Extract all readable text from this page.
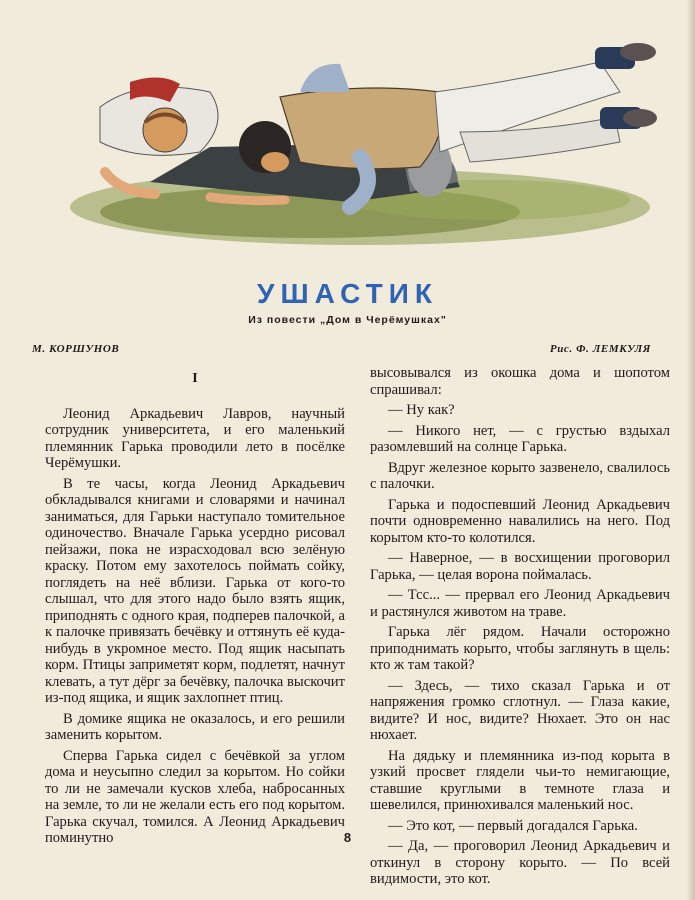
УШАСТИК
Из повести „Дом в Черёмушках"
М. КОРШУНОВ	Рис. Ф. ЛЕМКУЛЯ
I

Леонид Аркадьевич Лавров, научный сотрудник университета, и его маленький племянник Гарька проводили лето в посёлке Черёмушки.

В те часы, когда Леонид Аркадьевич обкладывался книгами и словарями и начинал заниматься, для Гарьки наступало томительное одиночество. Вначале Гарька усердно рисовал пейзажи, пока не израсходовал всю зелёную краску. Потом ему захотелось поймать сойку, поглядеть на неё вблизи. Гарька от кого-то слышал, что для этого надо было взять ящик, приподнять с одного края, подперев палочкой, а к палочке привязать бечёвку и оттянуть её куда-нибудь в укромное место. Под ящик насыпать корм. Птицы заприметят корм, подлетят, начнут клевать, а тут дёрг за бечёвку, палочка выскочит из-под ящика, и ящик захлопнет птиц.

В домике ящика не оказалось, и его решили заменить корытом.

Сперва Гарька сидел с бечёвкой за углом дома и неусыпно следил за корытом. Но сойки то ли не замечали кусков хлеба, набросанных на земле, то ли не желали есть его под корытом. Гарька скучал, томился. А Леонид Аркадьевич поминутно

высовывался из окошка дома и шопотом спрашивал:

— Ну как?

— Никого нет, — с грустью вздыхал разомлевший на солнце Гарька.

Вдруг железное корыто зазвенело, свалилось с палочки.

Гарька и подоспевший Леонид Аркадьевич почти одновременно навалились на него. Под корытом кто-то колотился.

— Наверное, — в восхищении проговорил Гарька, — целая ворона поймалась.

— Тсс... — прервал его Леонид Аркадьевич и растянулся животом на траве.

Гарька лёг рядом. Начали осторожно приподнимать корыто, чтобы заглянуть в щель: кто ж там такой?

— Здесь, — тихо сказал Гарька и от напряжения громко сглотнул. — Глаза какие, видите? И нос, видите? Нюхает. Это он нас нюхает.

На дядьку и племянника из-под корыта в узкий просвет глядели чьи-то немигающие, ставшие круглыми в темноте глаза и шевелился, принюхивался маленький нос.

— Это кот, — первый догадался Гарька.

— Да, — проговорил Леонид Аркадьевич и откинул в сторону корыто. — По всей видимости, это кот.

8
